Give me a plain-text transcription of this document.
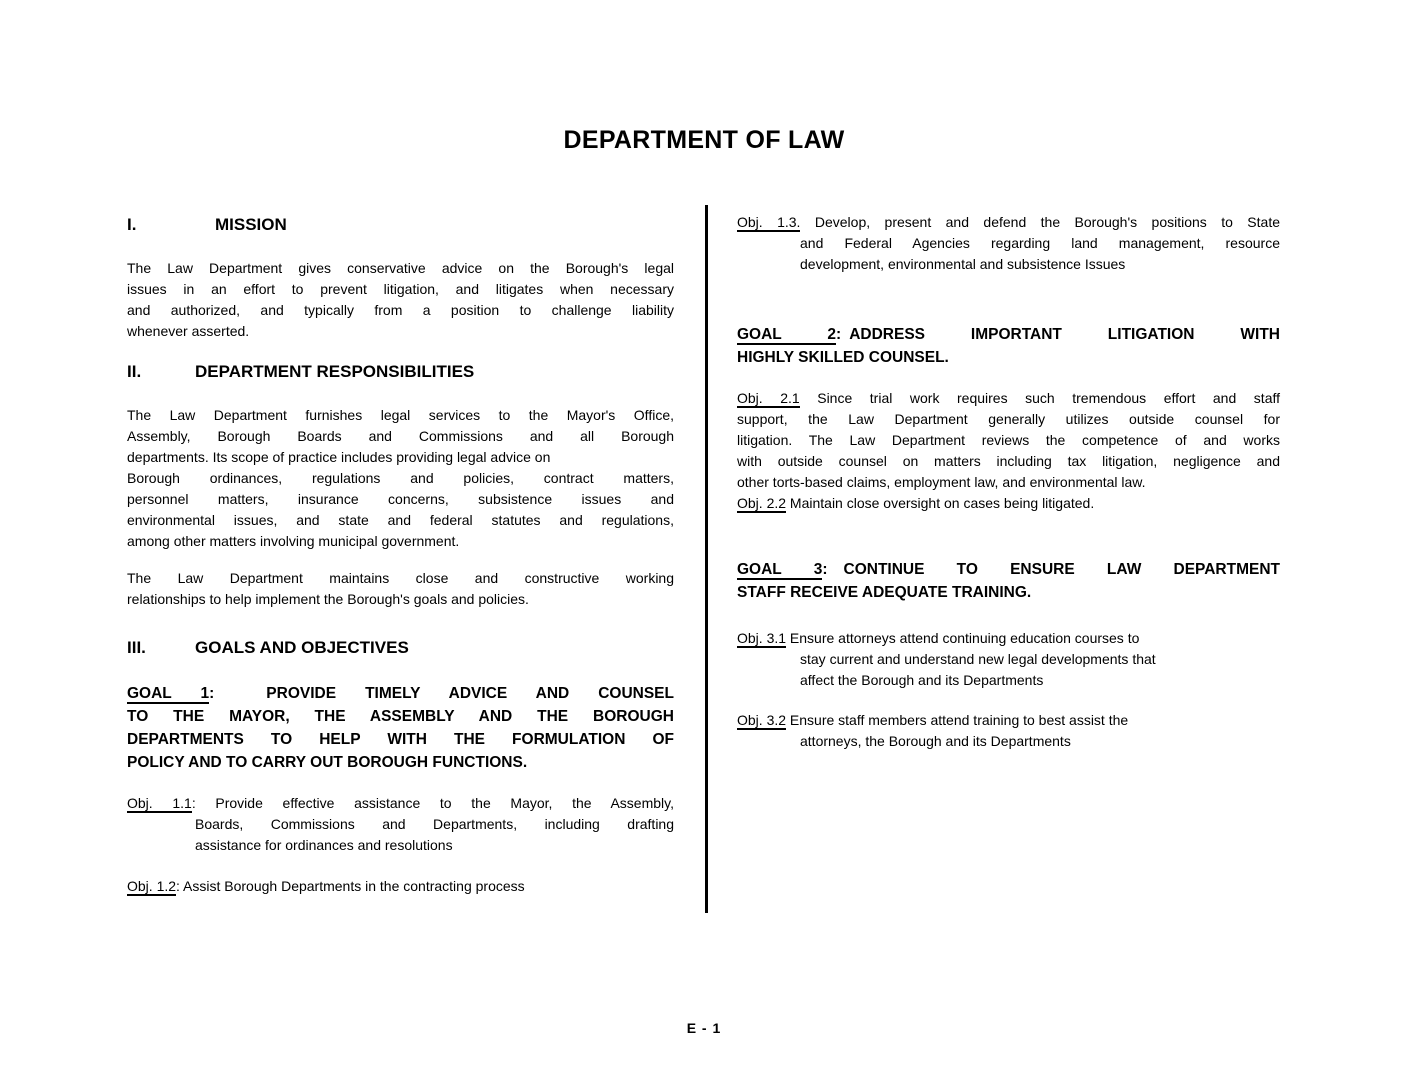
DEPARTMENT OF LAW
I.	MISSION
The Law Department gives conservative advice on the Borough's legal
issues in an effort to prevent litigation, and litigates when necessary
and authorized, and typically from a position to challenge liability
whenever asserted.
II.	DEPARTMENT RESPONSIBILITIES
The Law Department furnishes legal services to the Mayor's Office,
Assembly, Borough Boards and Commissions and all Borough
departments. Its scope of practice includes providing legal advice on
Borough ordinances, regulations and policies, contract matters,
personnel matters, insurance concerns, subsistence issues and
environmental issues, and state and federal statutes and regulations,
among other matters involving municipal government.
The Law Department maintains close and constructive working
relationships to help implement the Borough's goals and policies.
III.	GOALS AND OBJECTIVES
GOAL 1:	PROVIDE TIMELY ADVICE AND COUNSEL
TO THE MAYOR, THE ASSEMBLY AND THE BOROUGH
DEPARTMENTS TO HELP WITH THE FORMULATION OF
POLICY AND TO CARRY OUT BOROUGH FUNCTIONS.
Obj. 1.1: Provide effective assistance to the Mayor, the Assembly,
Boards, Commissions and Departments, including drafting
assistance for ordinances and resolutions
Obj. 1.2: Assist Borough Departments in the contracting process
Obj. 1.3. Develop, present and defend the Borough's positions to State
and Federal Agencies regarding land management, resource
development, environmental and subsistence Issues
GOAL 2: ADDRESS IMPORTANT LITIGATION WITH
HIGHLY SKILLED COUNSEL.
Obj. 2.1 Since trial work requires such tremendous effort and staff
support, the Law Department generally utilizes outside counsel for
litigation. The Law Department reviews the competence of and works
with outside counsel on matters including tax litigation, negligence and
other torts-based claims, employment law, and environmental law.
Obj. 2.2 Maintain close oversight on cases being litigated.
GOAL 3: CONTINUE TO ENSURE LAW DEPARTMENT
STAFF RECEIVE ADEQUATE TRAINING.
Obj. 3.1 Ensure attorneys attend continuing education courses to
stay current and understand new legal developments that
affect the Borough and its Departments
Obj. 3.2 Ensure staff members attend training to best assist the
attorneys, the Borough and its Departments
E - 1
